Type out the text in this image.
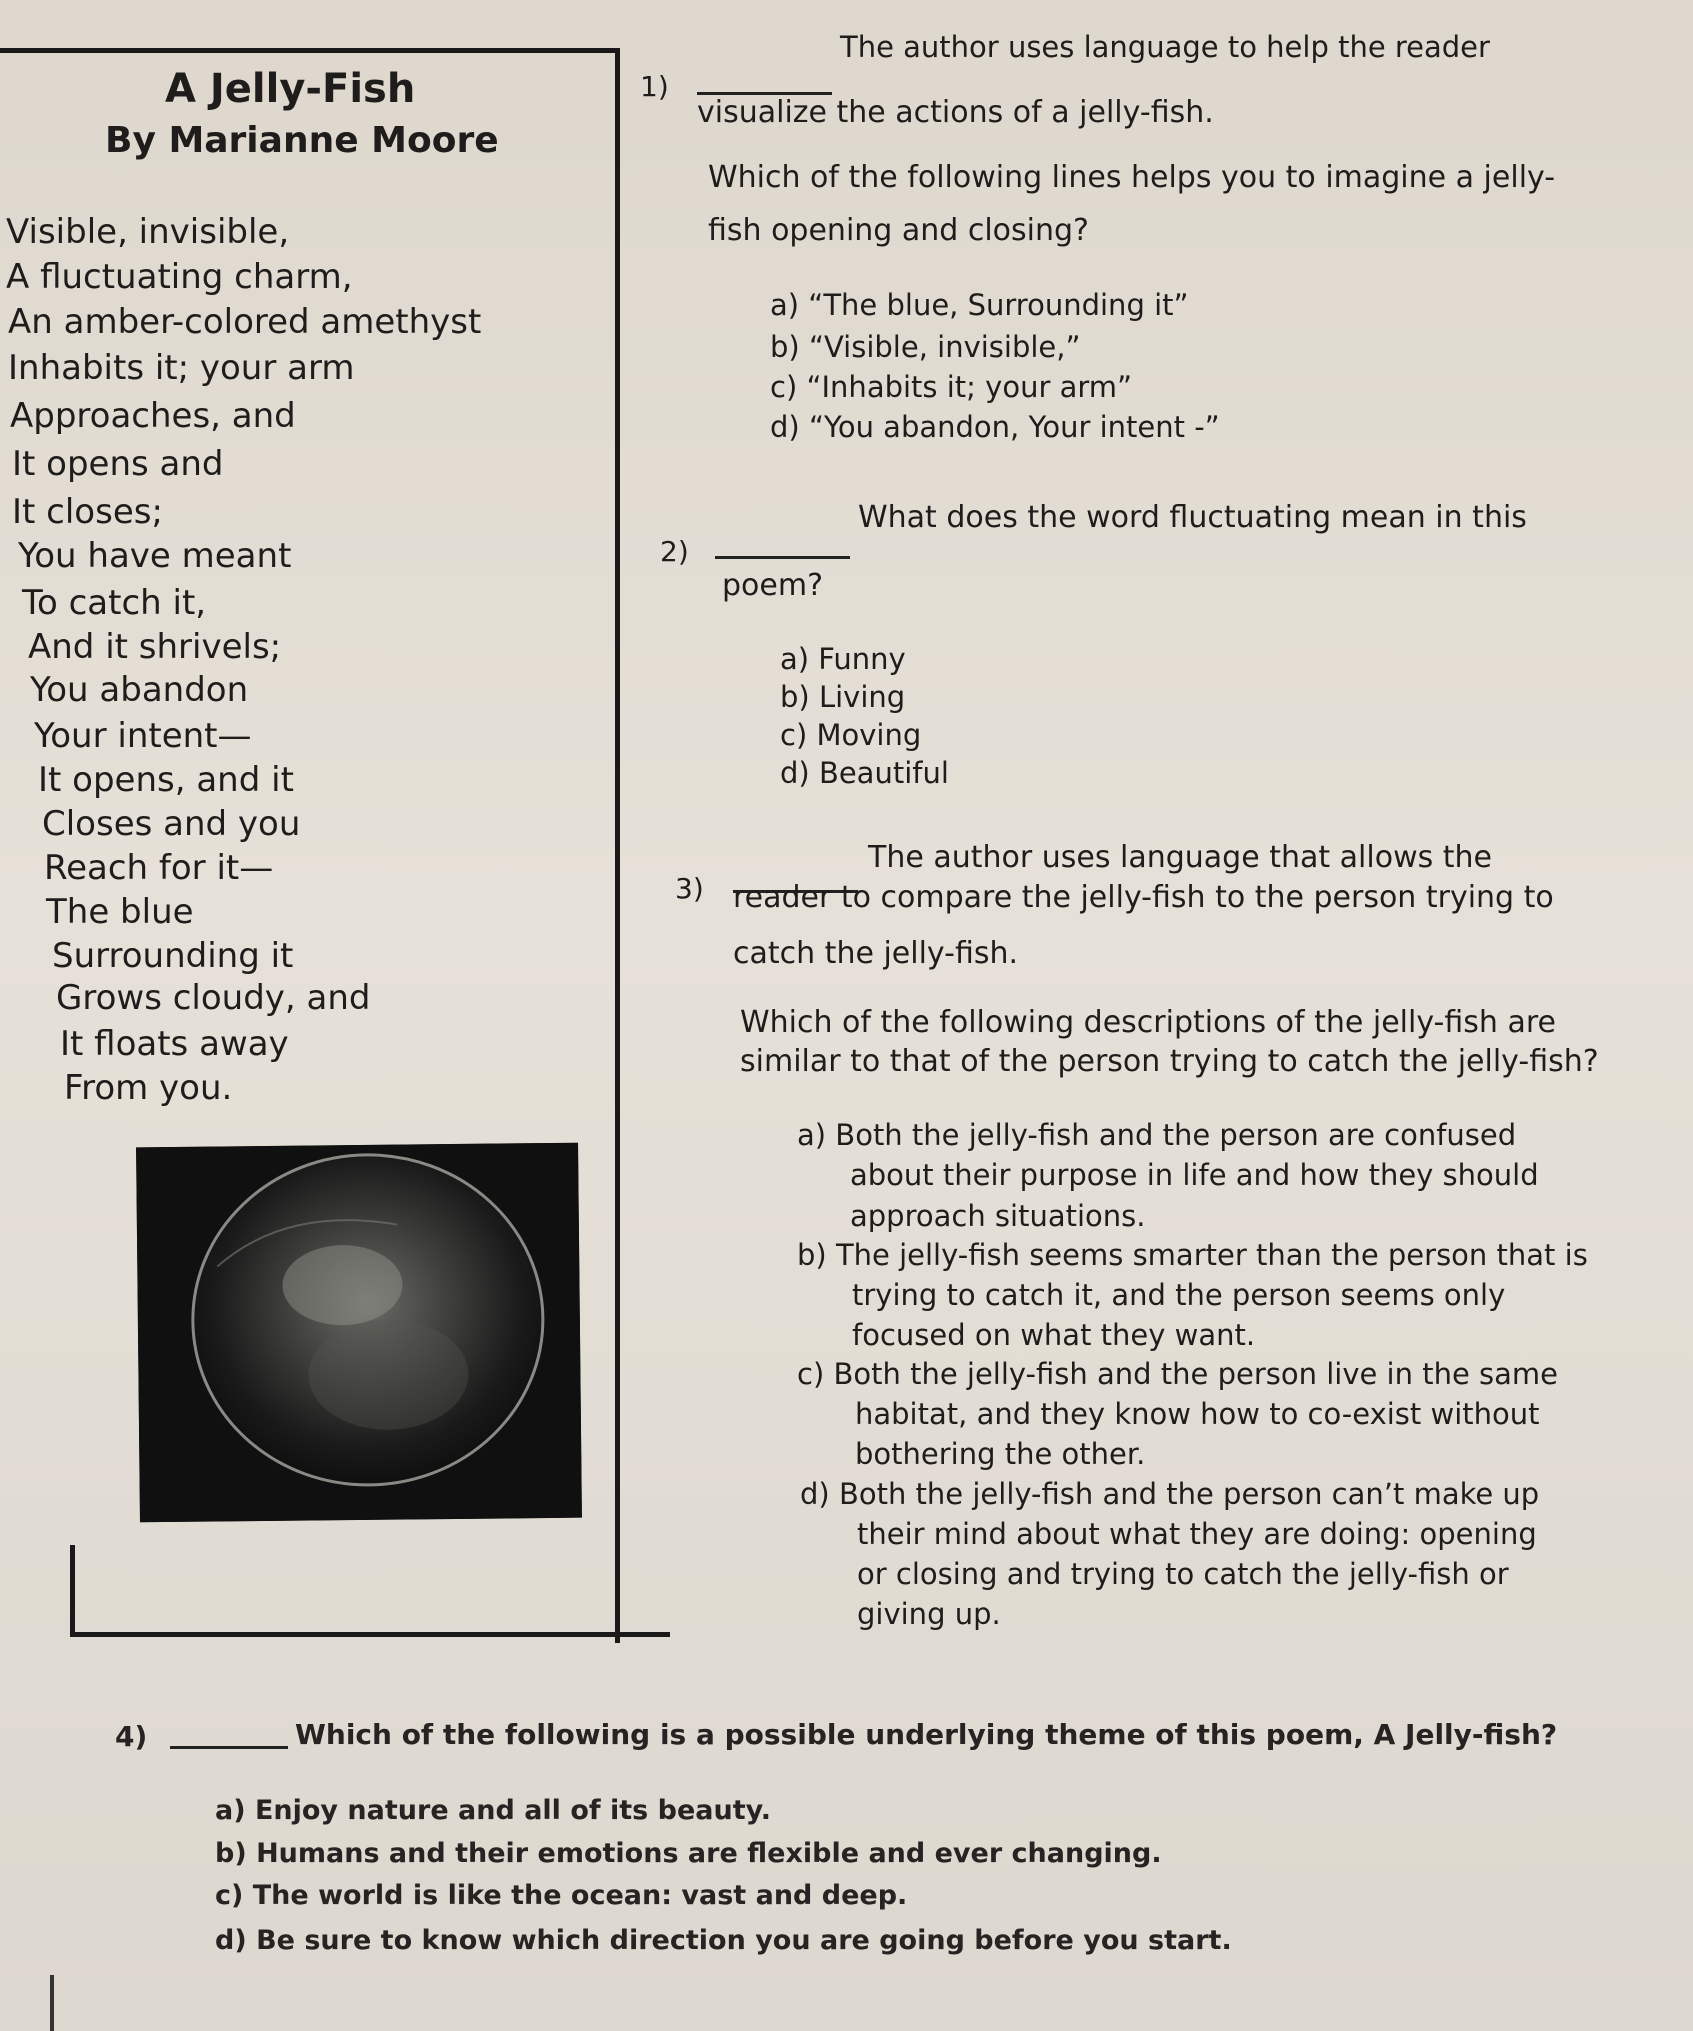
A Jelly-Fish
By Marianne Moore
Visible, invisible,
A fluctuating charm,
An amber-colored amethyst
Inhabits it; your arm
Approaches, and
It opens and
It closes;
You have meant
To catch it,
And it shrivels;
You abandon
Your intent—
It opens, and it
Closes and you
Reach for it—
The blue
Surrounding it
Grows cloudy, and
It floats away
From you.
1)
The author uses language to help the reader
visualize the actions of a jelly-fish.
Which of the following lines helps you to imagine a jelly-
fish opening and closing?
a) “The blue, Surrounding it”
b) “Visible, invisible,”
c) “Inhabits it; your arm”
d) “You abandon, Your intent -”
2)
What does the word fluctuating mean in this
poem?
a) Funny
b) Living
c) Moving
d) Beautiful
3)
The author uses language that allows the
reader to compare the jelly-fish to the person trying to
catch the jelly-fish.
Which of the following descriptions of the jelly-fish are
similar to that of the person trying to catch the jelly-fish?
a) Both the jelly-fish and the person are confused
about their purpose in life and how they should
approach situations.
b) The jelly-fish seems smarter than the person that is
trying to catch it, and the person seems only
focused on what they want.
c) Both the jelly-fish and the person live in the same
habitat, and they know how to co-exist without
bothering the other.
d) Both the jelly-fish and the person can’t make up
their mind about what they are doing: opening
or closing and trying to catch the jelly-fish or
giving up.
4)	Which of the following is a possible underlying theme of this poem, A Jelly-fish?
a) Enjoy nature and all of its beauty.
b) Humans and their emotions are flexible and ever changing.
c) The world is like the ocean: vast and deep.
d) Be sure to know which direction you are going before you start.
